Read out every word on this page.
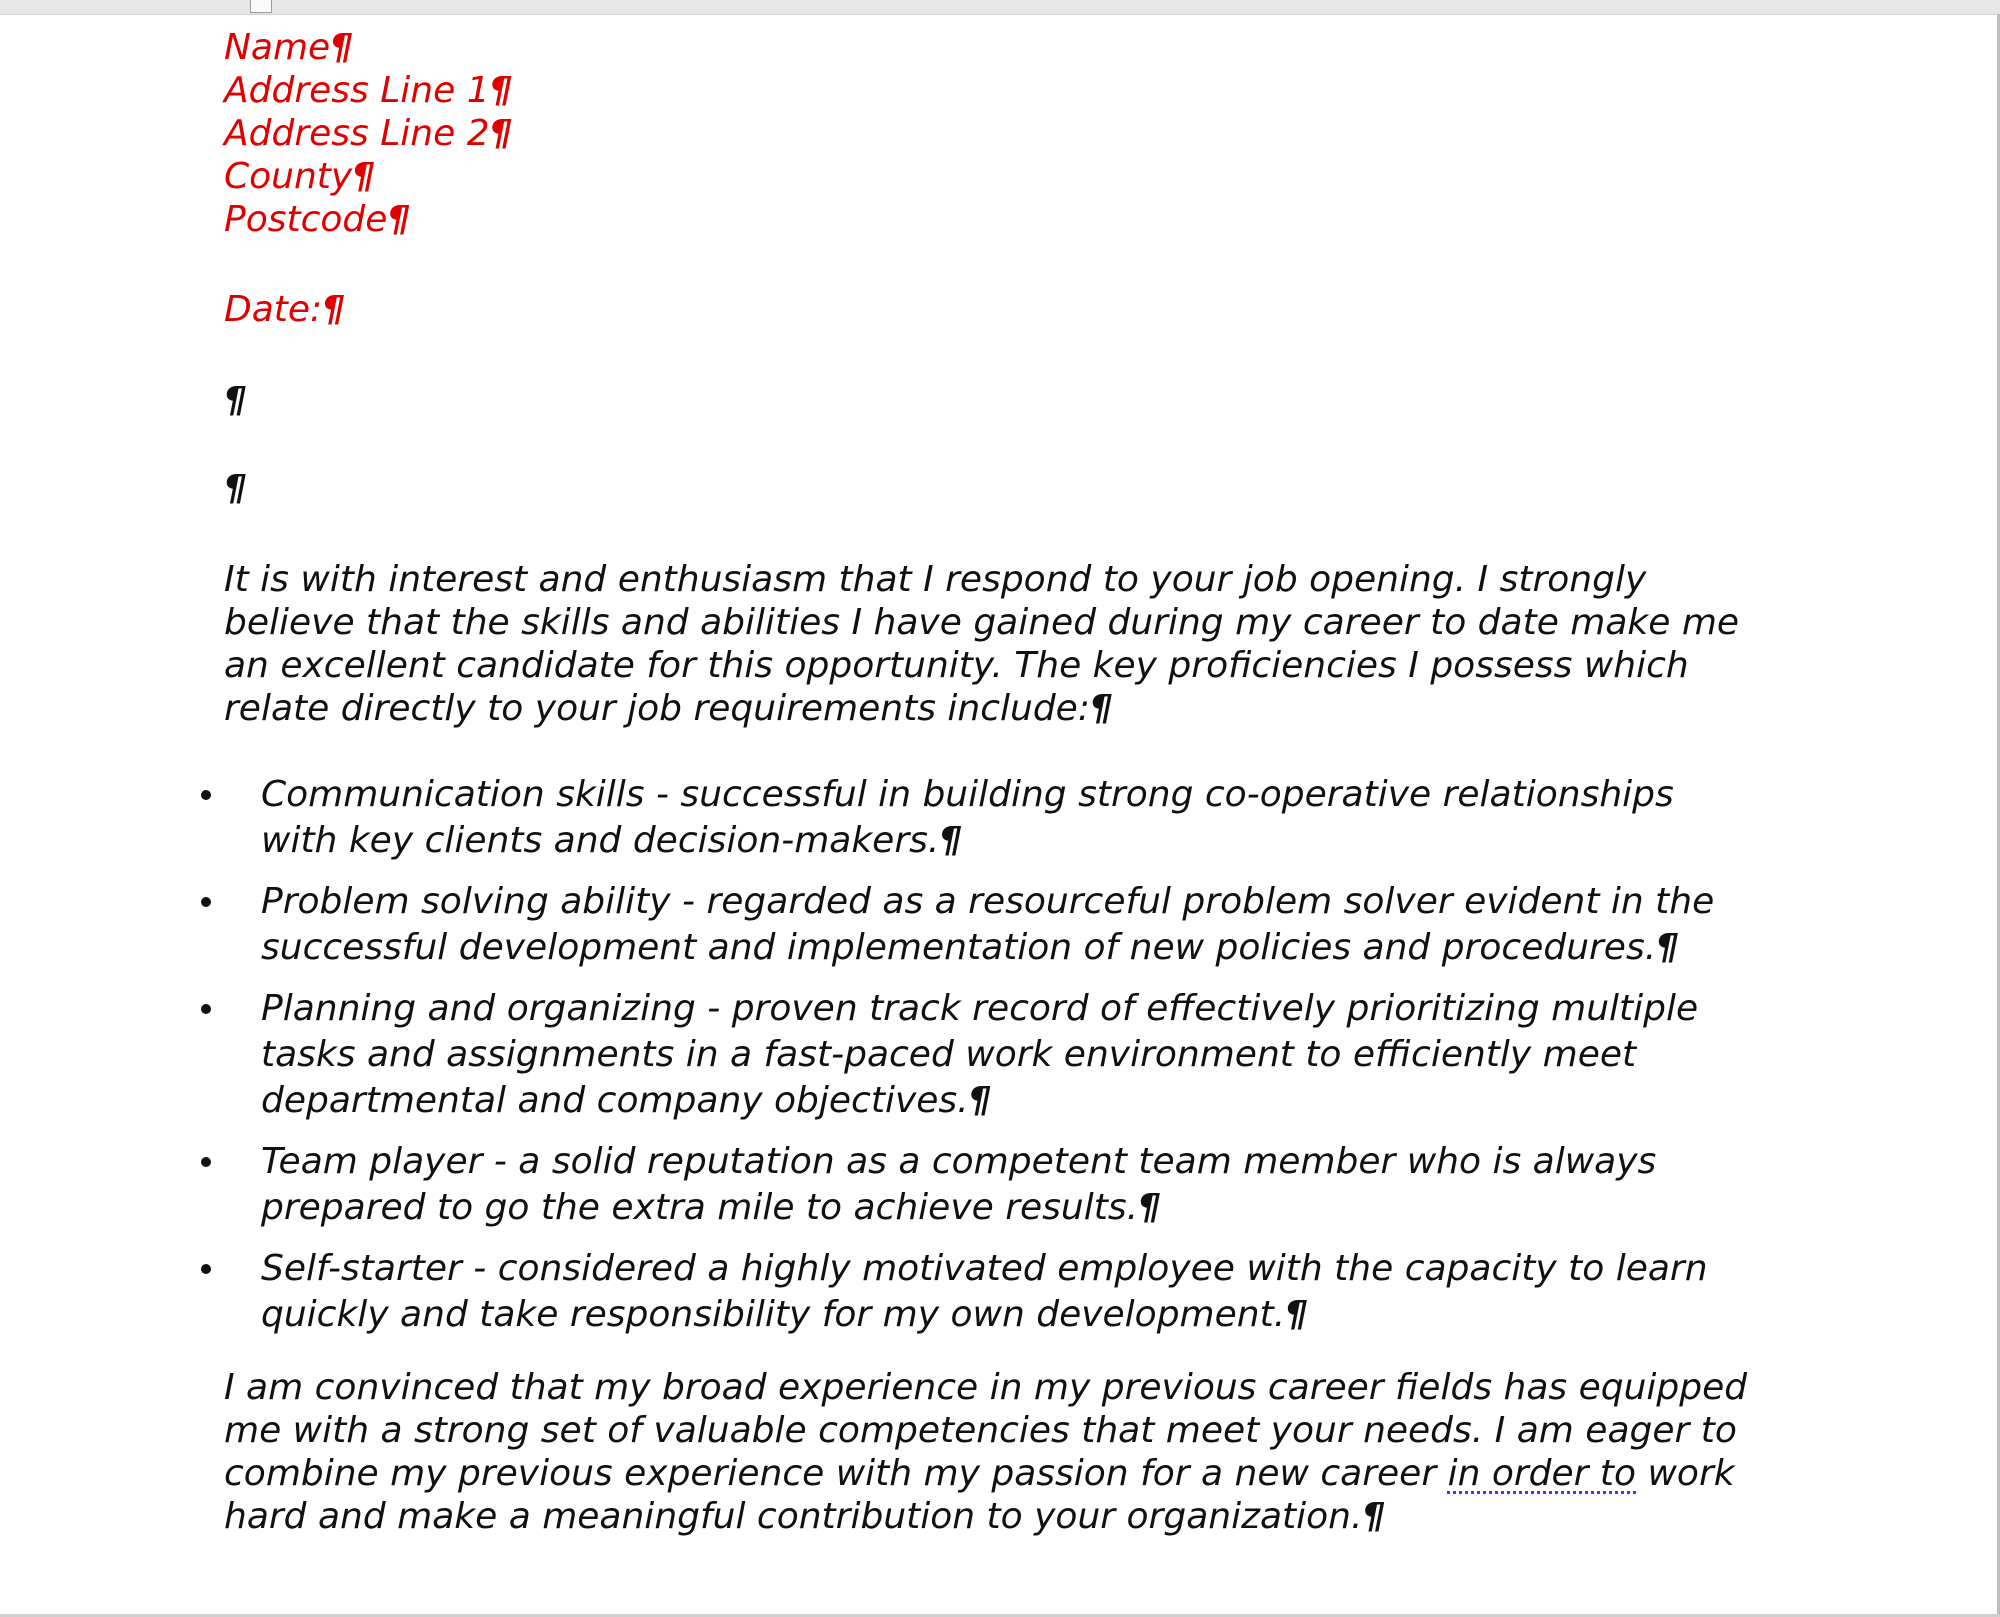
Name¶
Address Line 1¶
Address Line 2¶
County¶
Postcode¶
Date:¶
¶
¶
It is with interest and enthusiasm that I respond to your job opening. I strongly
believe that the skills and abilities I have gained during my career to date make me
an excellent candidate for this opportunity. The key proficiencies I possess which
relate directly to your job requirements include:¶
Communication skills - successful in building strong co-operative relationships
with key clients and decision-makers.¶
Problem solving ability - regarded as a resourceful problem solver evident in the
successful development and implementation of new policies and procedures.¶
Planning and organizing - proven track record of effectively prioritizing multiple
tasks and assignments in a fast-paced work environment to efficiently meet
departmental and company objectives.¶
Team player - a solid reputation as a competent team member who is always
prepared to go the extra mile to achieve results.¶
Self-starter - considered a highly motivated employee with the capacity to learn
quickly and take responsibility for my own development.¶
I am convinced that my broad experience in my previous career fields has equipped
me with a strong set of valuable competencies that meet your needs. I am eager to
combine my previous experience with my passion for a new career in order to work
hard and make a meaningful contribution to your organization.¶
